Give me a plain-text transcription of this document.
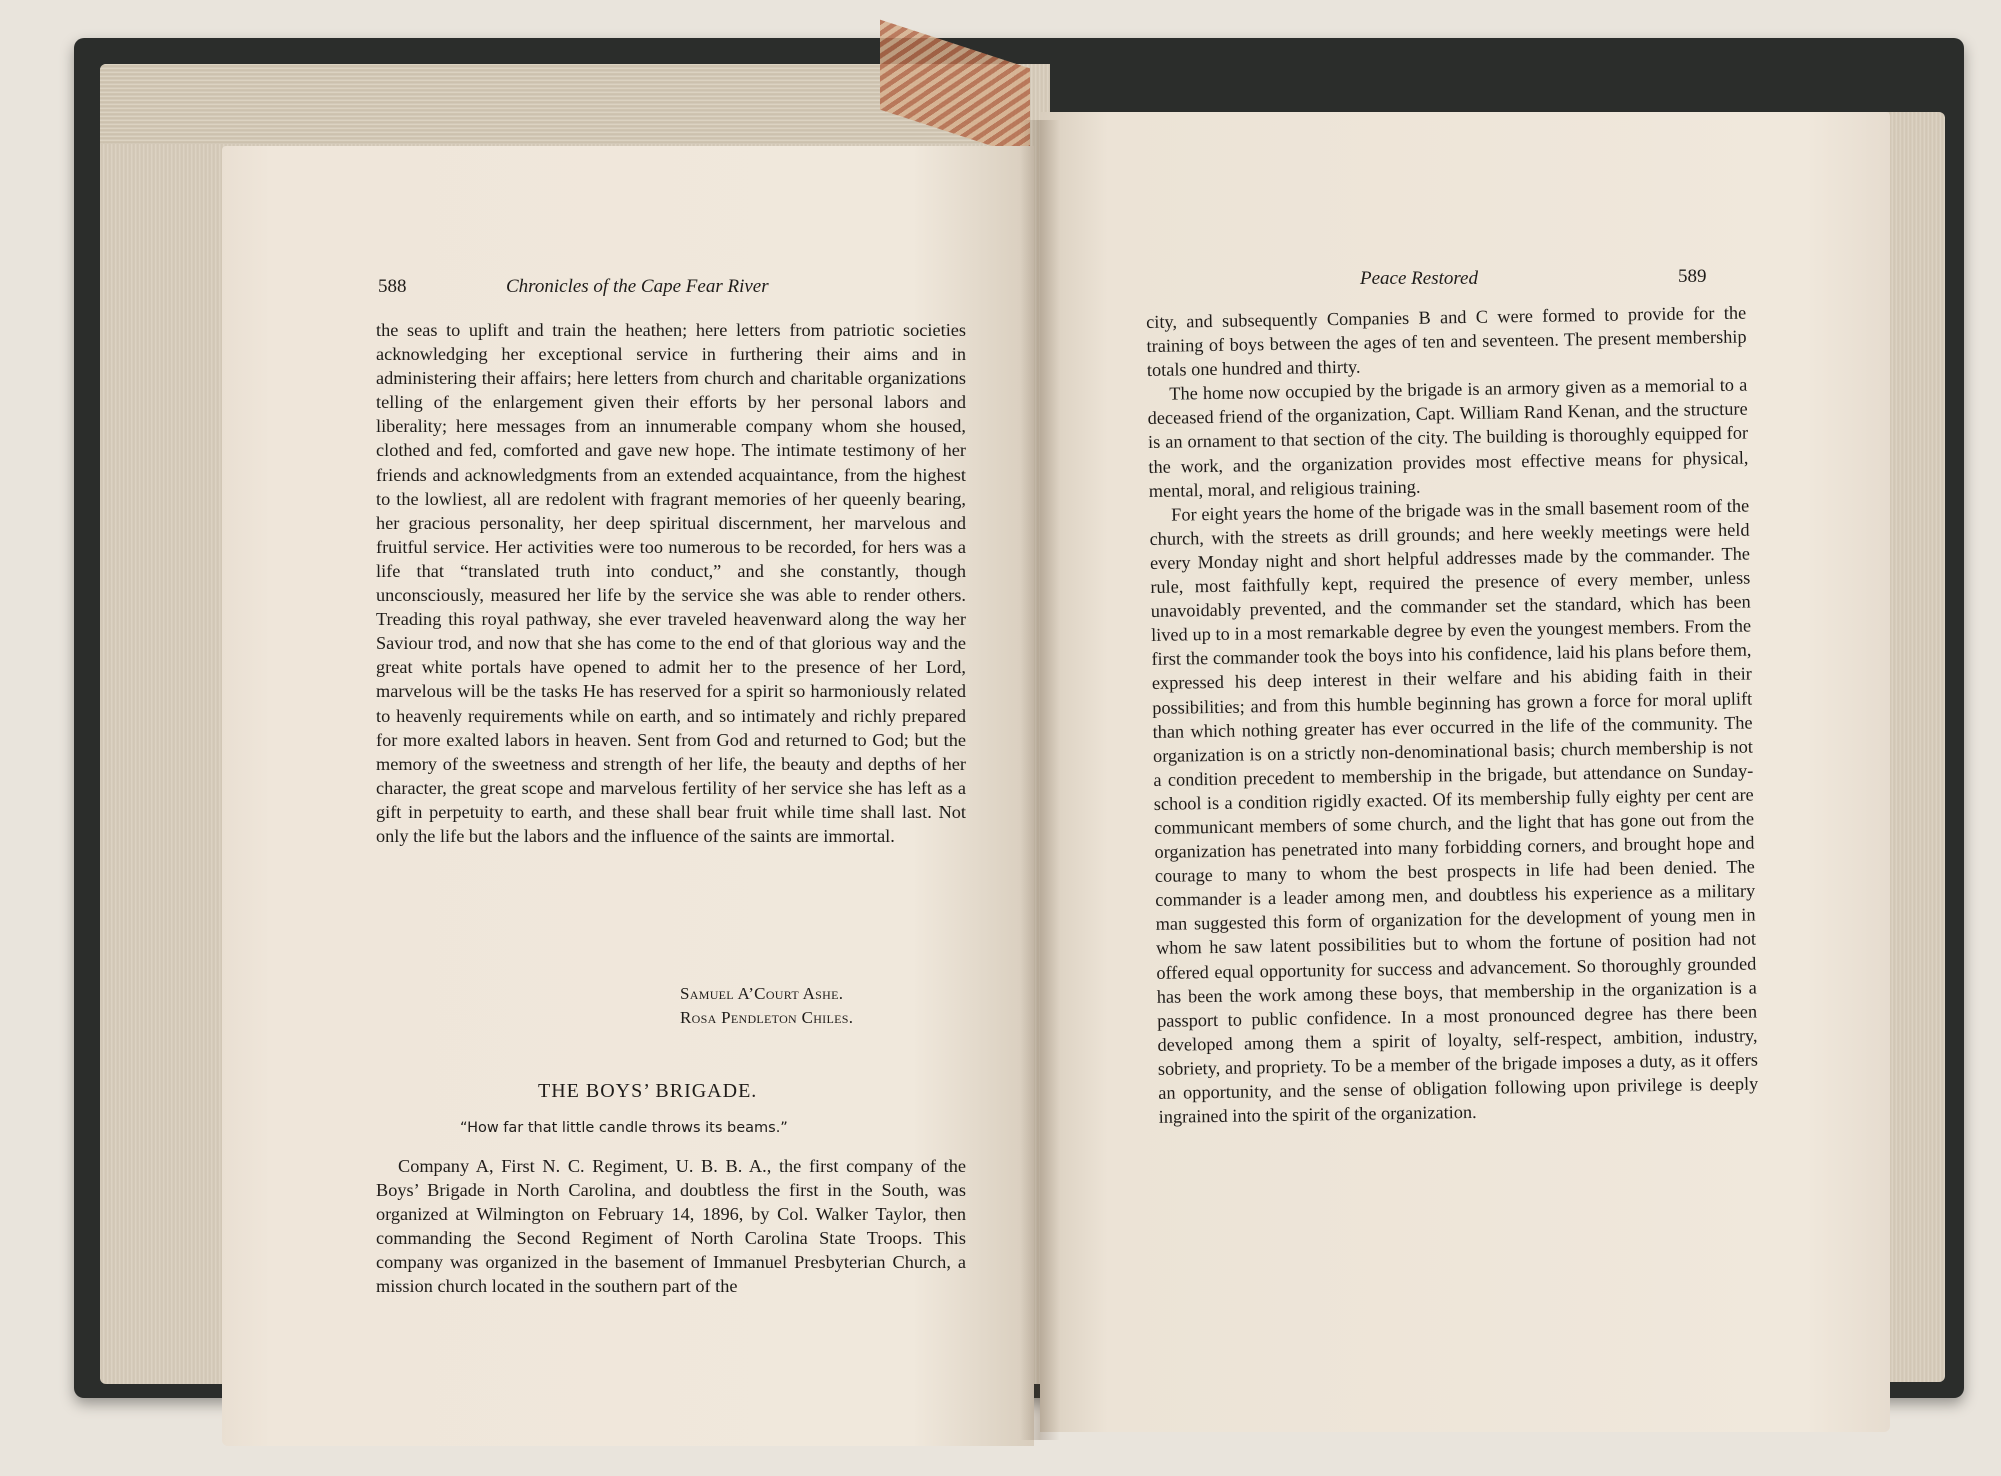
588	Chronicles of the Cape Fear River

the seas to uplift and train the heathen; here letters from patriotic societies acknowledging her exceptional service in furthering their aims and in administering their affairs; here letters from church and charitable organizations telling of the enlargement given their efforts by her personal labors and liberality; here messages from an innumerable company whom she housed, clothed and fed, comforted and gave new hope. The intimate testimony of her friends and acknowledgments from an extended acquaintance, from the highest to the lowliest, all are redolent with fragrant memories of her queenly bearing, her gracious personality, her deep spiritual discernment, her marvelous and fruitful service. Her activities were too numerous to be recorded, for hers was a life that “translated truth into conduct,” and she constantly, though unconsciously, measured her life by the service she was able to render others. Treading this royal pathway, she ever traveled heavenward along the way her Saviour trod, and now that she has come to the end of that glorious way and the great white portals have opened to admit her to the presence of her Lord, marvelous will be the tasks He has reserved for a spirit so harmoniously related to heavenly requirements while on earth, and so intimately and richly prepared for more exalted labors in heaven. Sent from God and returned to God; but the memory of the sweetness and strength of her life, the beauty and depths of her character, the great scope and marvelous fertility of her service she has left as a gift in perpetuity to earth, and these shall bear fruit while time shall last. Not only the life but the labors and the influence of the saints are immortal.

Samuel A’Court Ashe.
Rosa Pendleton Chiles.
THE BOYS’ BRIGADE.
“How far that little candle throws its beams.”

Company A, First N. C. Regiment, U. B. B. A., the first company of the Boys’ Brigade in North Carolina, and doubtless the first in the South, was organized at Wilmington on February 14, 1896, by Col. Walker Taylor, then commanding the Second Regiment of North Carolina State Troops. This company was organized in the basement of Immanuel Presbyterian Church, a mission church located in the southern part of the

Peace Restored	589

city, and subsequently Companies B and C were formed to provide for the training of boys between the ages of ten and seventeen. The present membership totals one hundred and thirty.

The home now occupied by the brigade is an armory given as a memorial to a deceased friend of the organization, Capt. William Rand Kenan, and the structure is an ornament to that section of the city. The building is thoroughly equipped for the work, and the organization provides most effective means for physical, mental, moral, and religious training.

For eight years the home of the brigade was in the small basement room of the church, with the streets as drill grounds; and here weekly meetings were held every Monday night and short helpful addresses made by the commander. The rule, most faithfully kept, required the presence of every member, unless unavoidably prevented, and the commander set the standard, which has been lived up to in a most remarkable degree by even the youngest members. From the first the commander took the boys into his confidence, laid his plans before them, expressed his deep interest in their welfare and his abiding faith in their possibilities; and from this humble beginning has grown a force for moral uplift than which nothing greater has ever occurred in the life of the community. The organization is on a strictly non-denominational basis; church membership is not a condition precedent to membership in the brigade, but attendance on Sunday-school is a condition rigidly exacted. Of its membership fully eighty per cent are communicant members of some church, and the light that has gone out from the organization has penetrated into many forbidding corners, and brought hope and courage to many to whom the best prospects in life had been denied. The commander is a leader among men, and doubtless his experience as a military man suggested this form of organization for the development of young men in whom he saw latent possibilities but to whom the fortune of position had not offered equal opportunity for success and advancement. So thoroughly grounded has been the work among these boys, that membership in the organization is a passport to public confidence. In a most pronounced degree has there been developed among them a spirit of loyalty, self-respect, ambition, industry, sobriety, and propriety. To be a member of the brigade imposes a duty, as it offers an opportunity, and the sense of obligation following upon privilege is deeply ingrained into the spirit of the organization.
